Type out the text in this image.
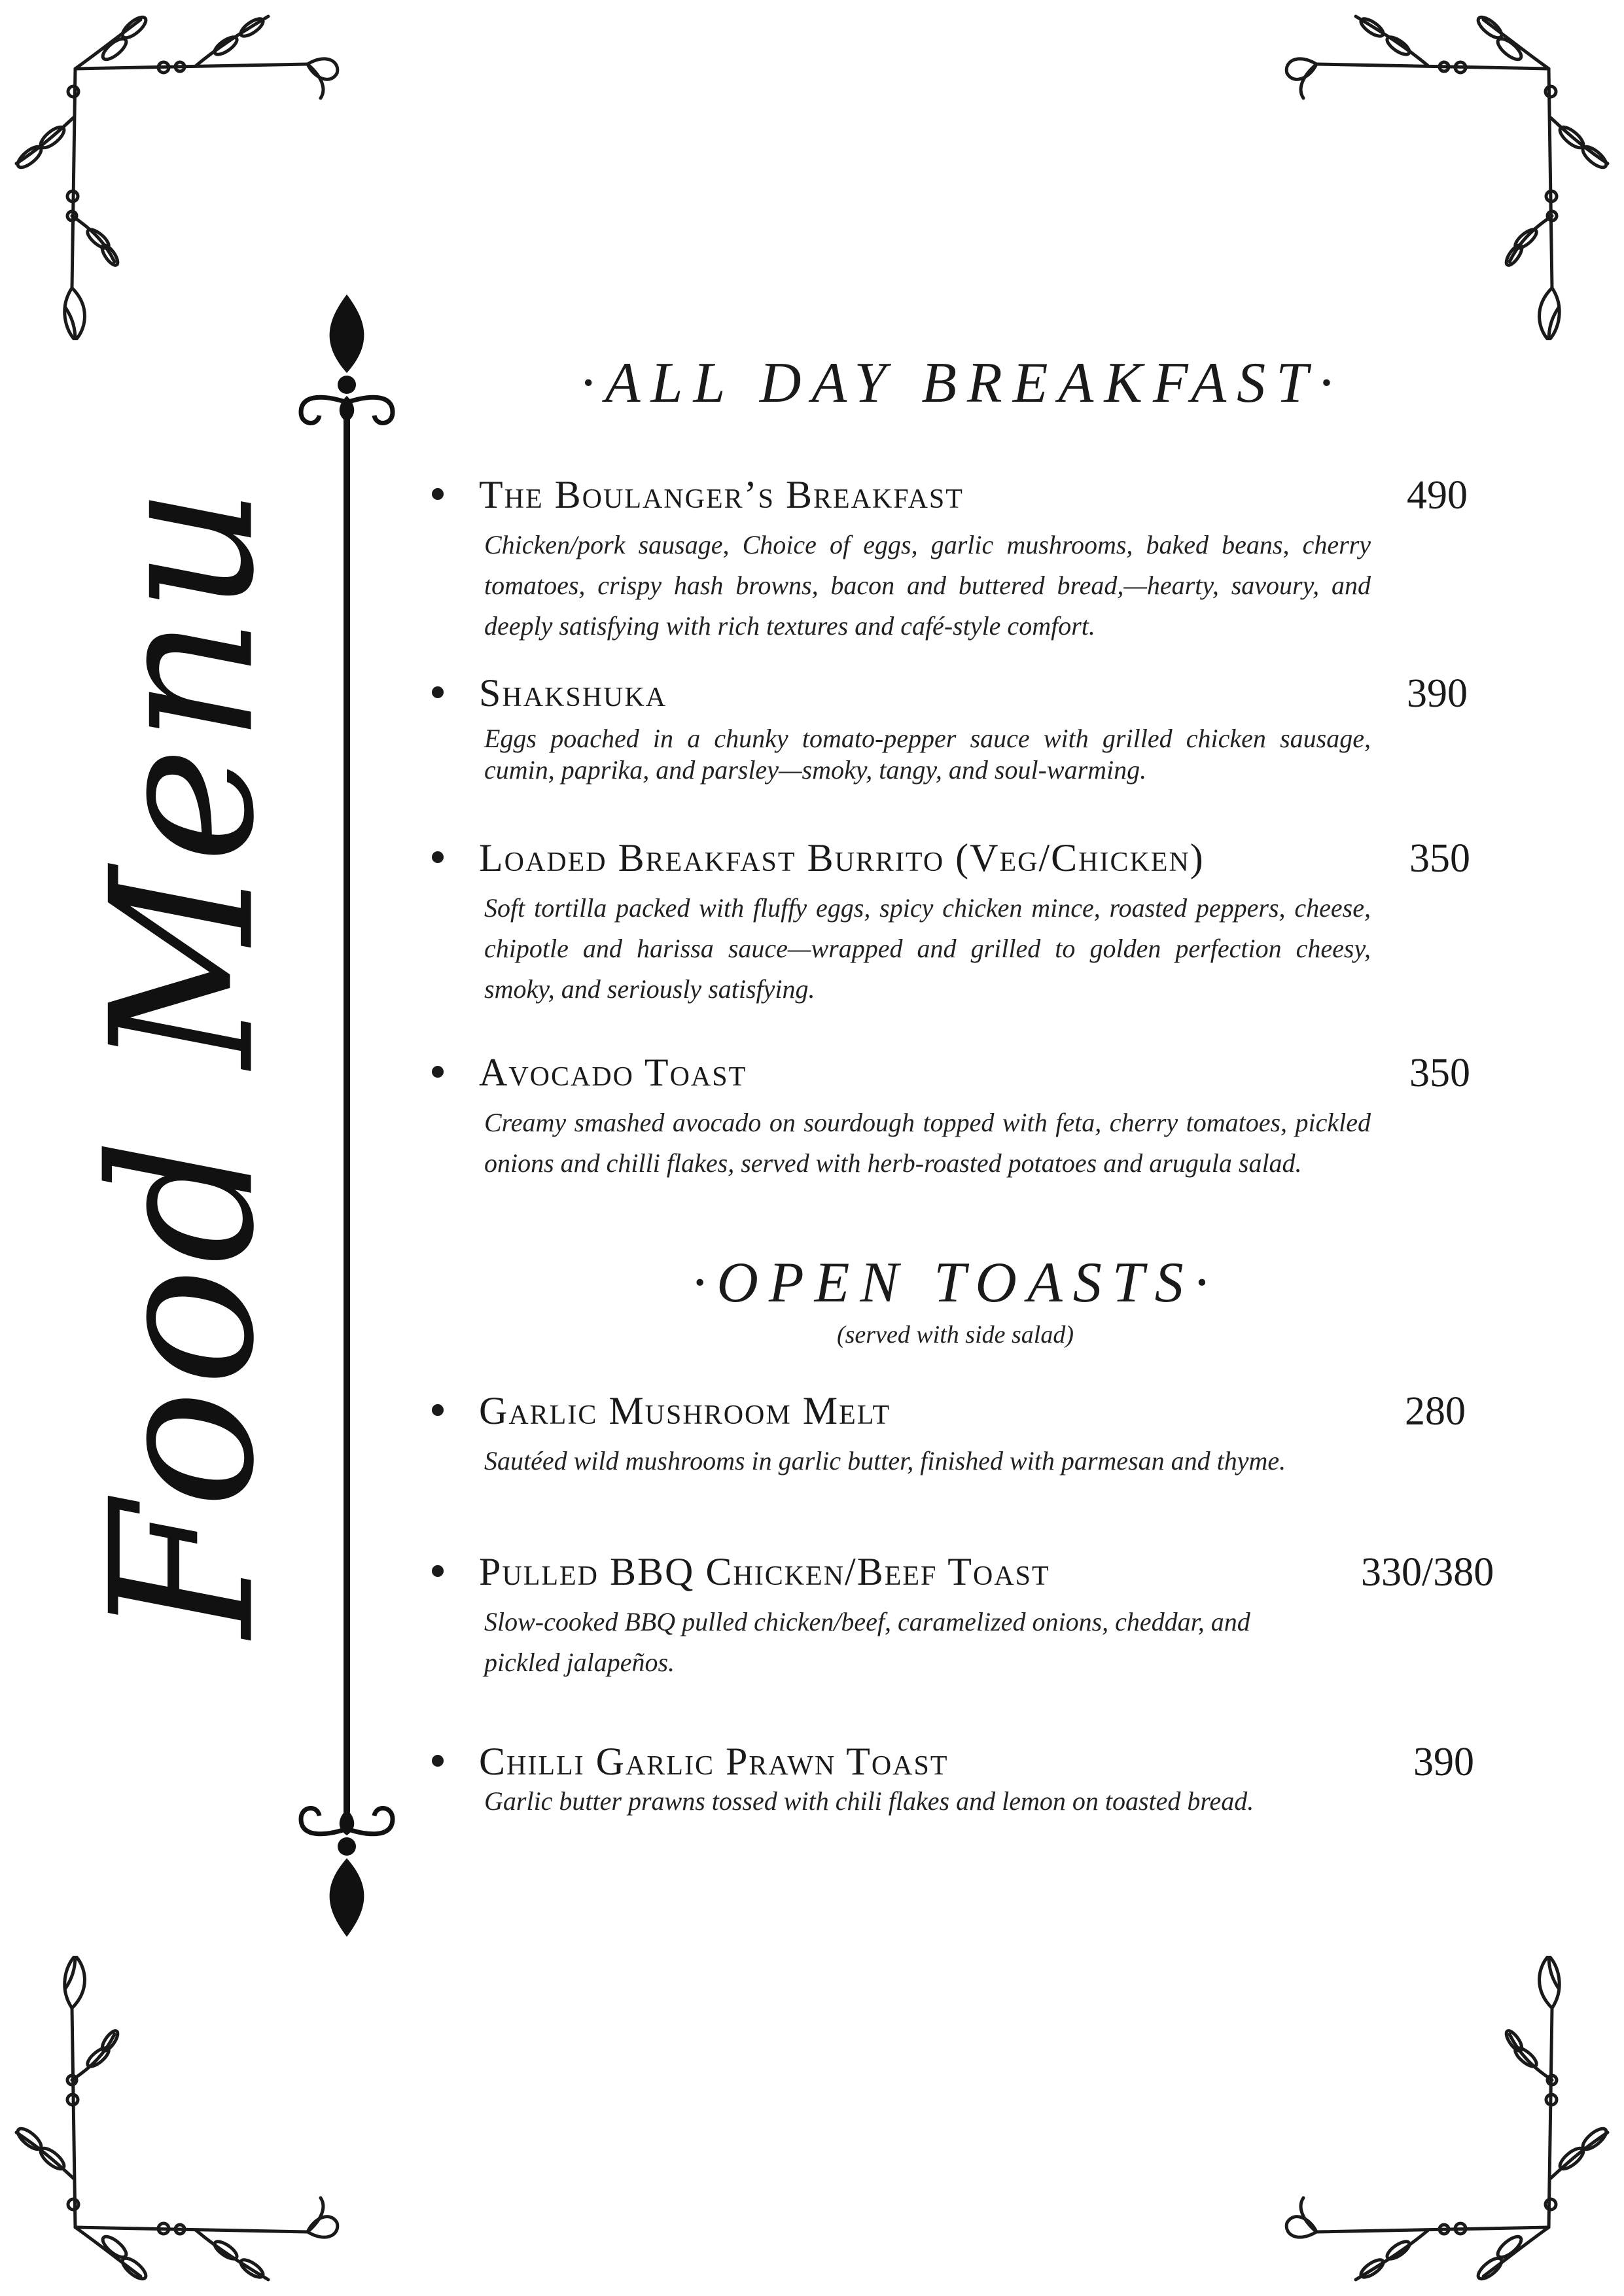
Food Menu
·ALL DAY BREAKFAST·
The Boulanger’s Breakfast	490
Chicken/pork sausage, Choice of eggs, garlic mushrooms, baked beans, cherry tomatoes, crispy hash browns, bacon and buttered bread,—hearty, savoury, and deeply satisfying with rich textures and café-style comfort.
Shakshuka	390
Eggs poached in a chunky tomato-pepper sauce with grilled chicken sausage, cumin, paprika, and parsley—smoky, tangy, and soul-warming.
Loaded Breakfast Burrito (Veg/Chicken)	350
Soft tortilla packed with fluffy eggs, spicy chicken mince, roasted peppers, cheese, chipotle and harissa sauce—wrapped and grilled to golden perfection cheesy, smoky, and seriously satisfying.
Avocado Toast	350
Creamy smashed avocado on sourdough topped with feta, cherry tomatoes, pickled onions and chilli flakes, served with herb-roasted potatoes and arugula salad.
·OPEN TOASTS·
(served with side salad)
Garlic Mushroom Melt	280
Sautéed wild mushrooms in garlic butter, finished with parmesan and thyme.
Pulled BBQ Chicken/Beef Toast	330/380
Slow-cooked BBQ pulled chicken/beef, caramelized onions, cheddar, and pickled jalapeños.
Chilli Garlic Prawn Toast	390
Garlic butter prawns tossed with chili flakes and lemon on toasted bread.
